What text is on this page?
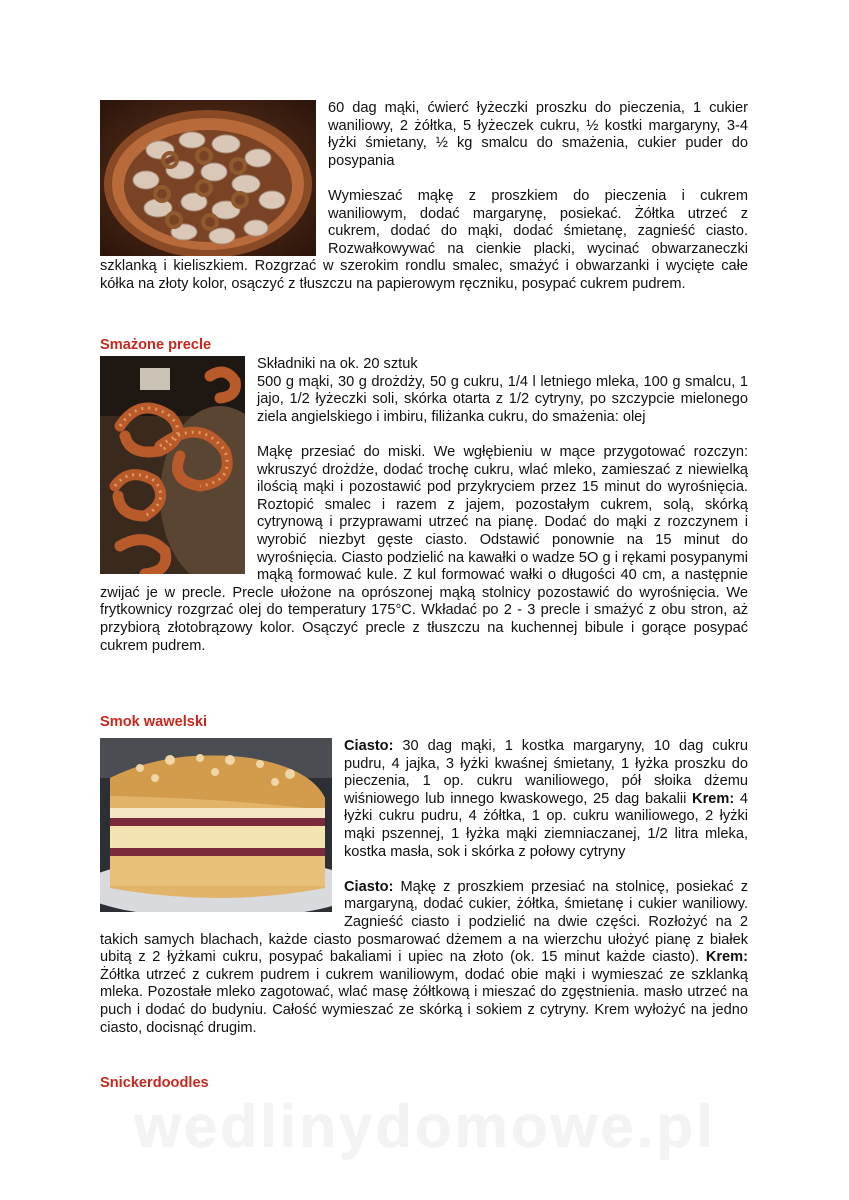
60 dag mąki, ćwierć łyżeczki proszku do pieczenia, 1 cukier waniliowy, 2 żółtka, 5 łyżeczek cukru, ½ kostki margaryny, 3-4 łyżki śmietany, ½ kg smalcu do smażenia, cukier puder do posypania

Wymieszać mąkę z proszkiem do pieczenia i cukrem waniliowym, dodać margarynę, posiekać. Żółtka utrzeć z cukrem, dodać do mąki, dodać śmietanę, zagnieść ciasto. Rozwałkowywać na cienkie placki, wycinać obwarzaneczki szklanką i kieliszkiem. Rozgrzać w szerokim rondlu smalec, smażyć i obwarzanki i wycięte całe kółka na złoty kolor, osączyć z tłuszczu na papierowym ręczniku, posypać cukrem pudrem.

Smażone precle

Składniki na ok. 20 sztuk

500 g mąki, 30 g drożdży, 50 g cukru, 1/4 l letniego mleka, 100 g smalcu, 1 jajo, 1/2 łyżeczki soli, skórka otarta z 1/2 cytryny, po szczypcie mielonego ziela angielskiego i imbiru, filiżanka cukru, do smażenia: olej

Mąkę przesiać do miski. We wgłębieniu w mące przygotować rozczyn: wkruszyć drożdże, dodać trochę cukru, wlać mleko, zamieszać z niewielką ilością mąki i pozostawić pod przykryciem przez 15 minut do wyrośnięcia. Roztopić smalec i razem z jajem, pozostałym cukrem, solą, skórką cytrynową i przyprawami utrzeć na pianę. Dodać do mąki z rozczynem i wyrobić niezbyt gęste ciasto. Odstawić ponownie na 15 minut do wyrośnięcia. Ciasto podzielić na kawałki o wadze 5O g i rękami posypanymi mąką formować kule. Z kul formować wałki o długości 40 cm, a następnie zwijać je w precle. Precle ułożone na oprószonej mąką stolnicy pozostawić do wyrośnięcia. We frytkownicy rozgrzać olej do temperatury 175°C. Wkładać po 2 - 3 precle i smażyć z obu stron, aż przybiorą złotobrązowy kolor. Osączyć precle z tłuszczu na kuchennej bibule i gorące posypać cukrem pudrem.

Smok wawelski

Ciasto: 30 dag mąki, 1 kostka margaryny, 10 dag cukru pudru, 4 jajka, 3 łyżki kwaśnej śmietany, 1 łyżka proszku do pieczenia, 1 op. cukru waniliowego, pół słoika dżemu wiśniowego lub innego kwaskowego, 25 dag bakalii Krem: 4 łyżki cukru pudru, 4 żółtka, 1 op. cukru waniliowego, 2 łyżki mąki pszennej, 1 łyżka mąki ziemniaczanej, 1/2 litra mleka, kostka masła, sok i skórka z połowy cytryny

Ciasto: Mąkę z proszkiem przesiać na stolnicę, posiekać z margaryną, dodać cukier, żółtka, śmietanę i cukier waniliowy. Zagnieść ciasto i podzielić na dwie części. Rozłożyć na 2 takich samych blachach, każde ciasto posmarować dżemem a na wierzchu ułożyć pianę z białek ubitą z 2 łyżkami cukru, posypać bakaliami i upiec na złoto (ok. 15 minut każde ciasto). Krem: Żółtka utrzeć z cukrem pudrem i cukrem waniliowym, dodać obie mąki i wymieszać ze szklanką mleka. Pozostałe mleko zagotować, wlać masę żółtkową i mieszać do zgęstnienia. masło utrzeć na puch i dodać do budyniu. Całość wymieszać ze skórką i sokiem z cytryny. Krem wyłożyć na jedno ciasto, docisnąć drugim.

Snickerdoodles
wedlinydomowe.pl
